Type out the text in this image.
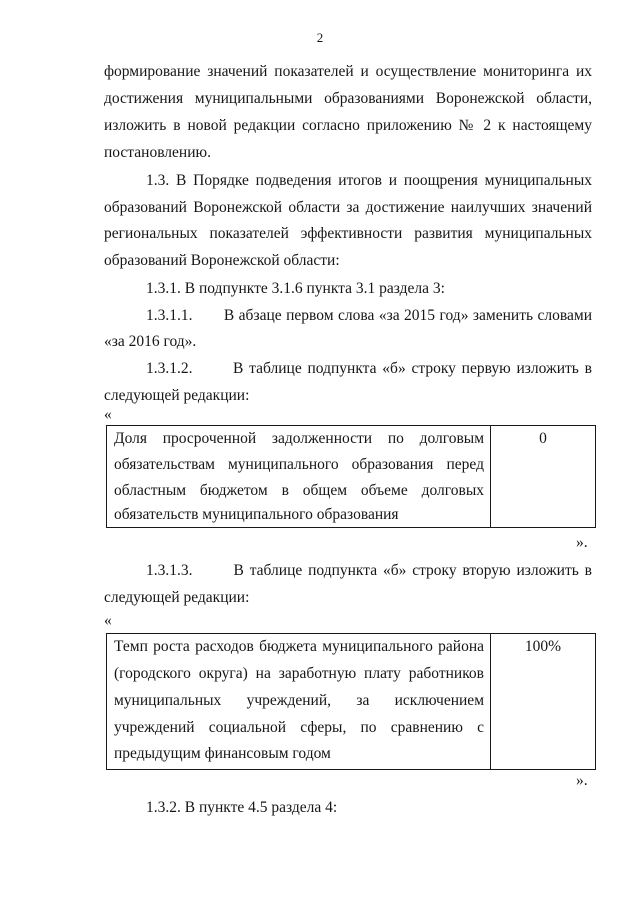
2
формирование значений показателей и осуществление мониторинга их
достижения муниципальными образованиями Воронежской области,
изложить в новой редакции согласно приложению № 2 к настоящему
постановлению.
1.3. В Порядке подведения итогов и поощрения муниципальных
образований Воронежской области за достижение наилучших значений
региональных показателей эффективности развития муниципальных
образований Воронежской области:
1.3.1. В подпункте 3.1.6 пункта 3.1 раздела 3:
1.3.1.1.       В абзаце первом слова «за 2015 год» заменить словами
«за 2016 год».
1.3.1.2.       В таблице подпункта «б» строку первую изложить в
следующей редакции:
«
Доля просроченной задолженности по долговым
обязательствам муниципального образования перед
областным бюджетом в общем объеме долговых
обязательств муниципального образования
0
».
1.3.1.3.       В таблице подпункта «б» строку вторую изложить в
следующей редакции:
«
Темп роста расходов бюджета муниципального района
(городского округа) на заработную плату работников
муниципальных учреждений, за исключением
учреждений социальной сферы, по сравнению с
предыдущим финансовым годом
100%
».
1.3.2. В пункте 4.5 раздела 4:
